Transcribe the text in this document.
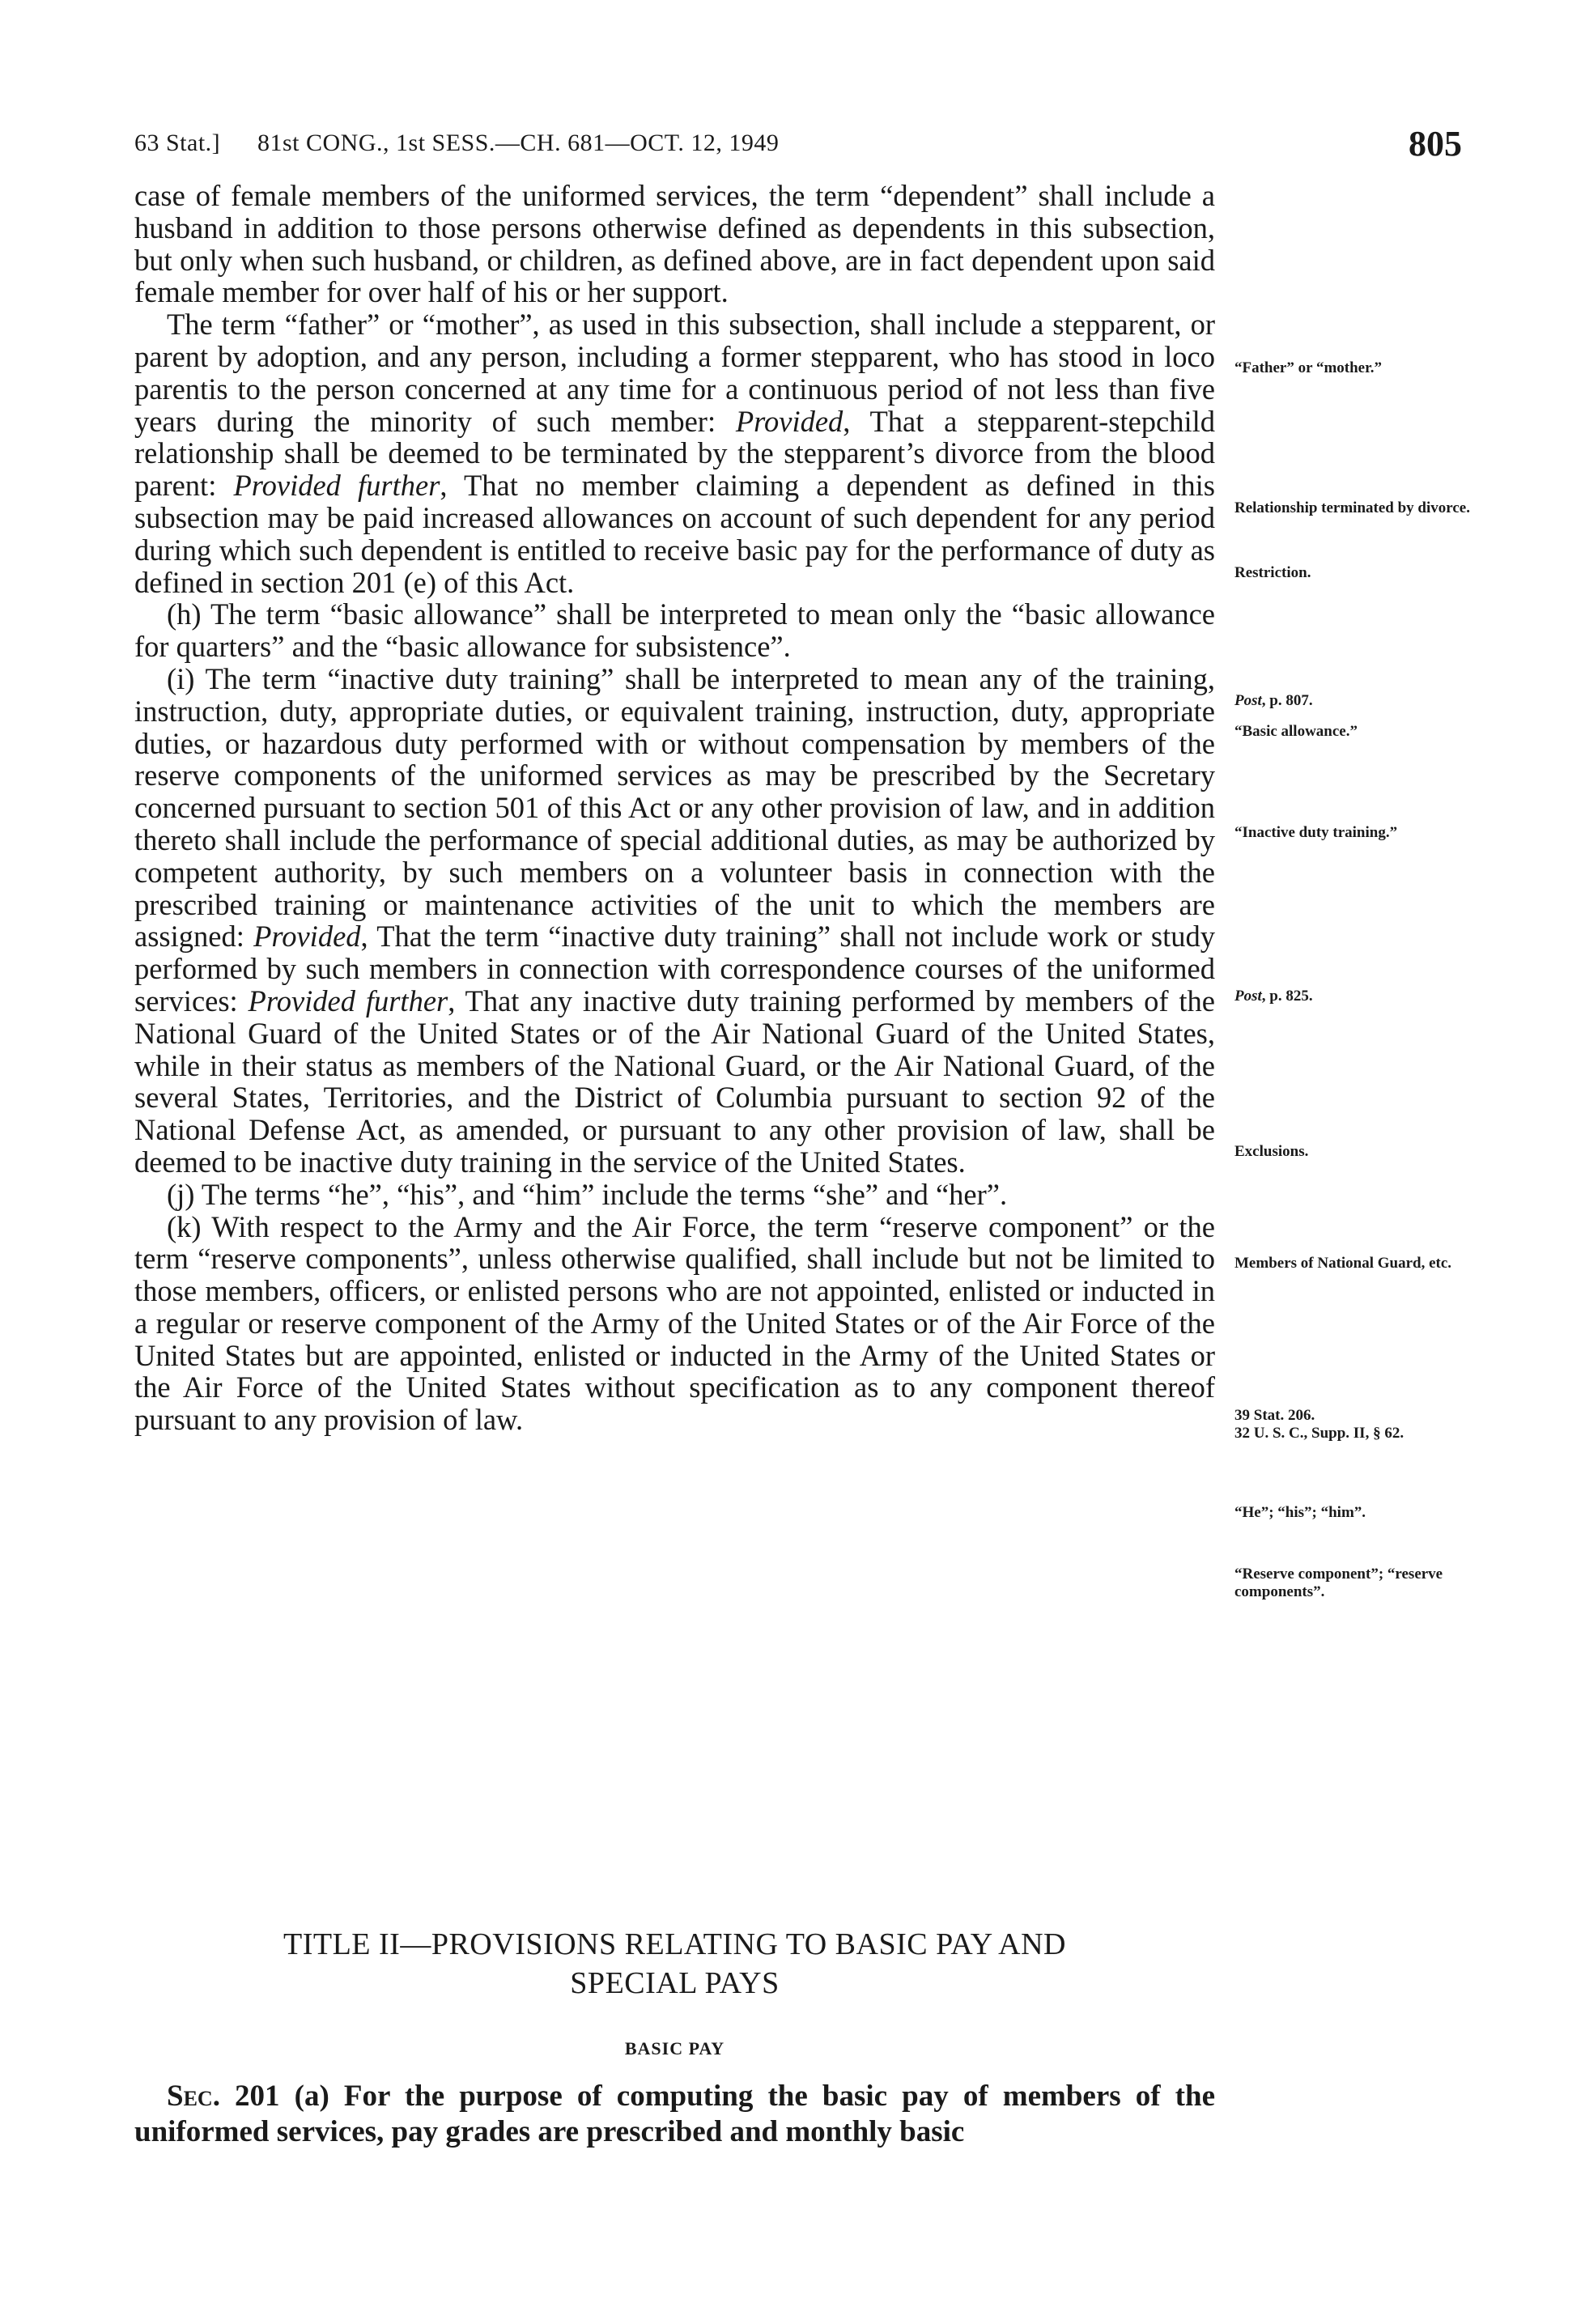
63 Stat.] 81st CONG., 1st SESS.—CH. 681—OCT. 12, 1949	805

case of female members of the uniformed services, the term “dependent” shall include a husband in addition to those persons otherwise defined as dependents in this subsection, but only when such husband, or children, as defined above, are in fact dependent upon said female member for over half of his or her support.

The term “father” or “mother”, as used in this subsection, shall include a stepparent, or parent by adoption, and any person, including a former stepparent, who has stood in loco parentis to the person concerned at any time for a continuous period of not less than five years during the minority of such member: Provided, That a stepparent-stepchild relationship shall be deemed to be terminated by the stepparent’s divorce from the blood parent: Provided further, That no member claiming a dependent as defined in this subsection may be paid increased allowances on account of such dependent for any period during which such dependent is entitled to receive basic pay for the performance of duty as defined in section 201 (e) of this Act.

(h) The term “basic allowance” shall be interpreted to mean only the “basic allowance for quarters” and the “basic allowance for subsistence”.

(i) The term “inactive duty training” shall be interpreted to mean any of the training, instruction, duty, appropriate duties, or equivalent training, instruction, duty, appropriate duties, or hazardous duty performed with or without compensation by members of the reserve components of the uniformed services as may be prescribed by the Secretary concerned pursuant to section 501 of this Act or any other provision of law, and in addition thereto shall include the performance of special additional duties, as may be authorized by competent authority, by such members on a volunteer basis in connection with the prescribed training or maintenance activities of the unit to which the members are assigned: Provided, That the term “inactive duty training” shall not include work or study performed by such members in connection with correspondence courses of the uniformed services: Provided further, That any inactive duty training performed by members of the National Guard of the United States or of the Air National Guard of the United States, while in their status as members of the National Guard, or the Air National Guard, of the several States, Territories, and the District of Columbia pursuant to section 92 of the National Defense Act, as amended, or pursuant to any other provision of law, shall be deemed to be inactive duty training in the service of the United States.

(j) The terms “he”, “his”, and “him” include the terms “she” and “her”.

(k) With respect to the Army and the Air Force, the term “reserve component” or the term “reserve components”, unless otherwise qualified, shall include but not be limited to those members, officers, or enlisted persons who are not appointed, enlisted or inducted in a regular or reserve component of the Army of the United States or of the Air Force of the United States but are appointed, enlisted or inducted in the Army of the United States or the Air Force of the United States without specification as to any component thereof pursuant to any provision of law.

“Father” or “mother.”
Relationship terminated by divorce.
Restriction.
Post, p. 807.
“Basic allowance.”
“Inactive duty training.”
Post, p. 825.
Exclusions.
Members of National Guard, etc.
39 Stat. 206.
32 U. S. C., Supp. II, § 62.
“He”; “his”; “him”.
“Reserve component”; “reserve components”.
TITLE II—PROVISIONS RELATING TO BASIC PAY AND
SPECIAL PAYS
BASIC PAY

Sec. 201 (a) For the purpose of computing the basic pay of members of the uniformed services, pay grades are prescribed and monthly basic
